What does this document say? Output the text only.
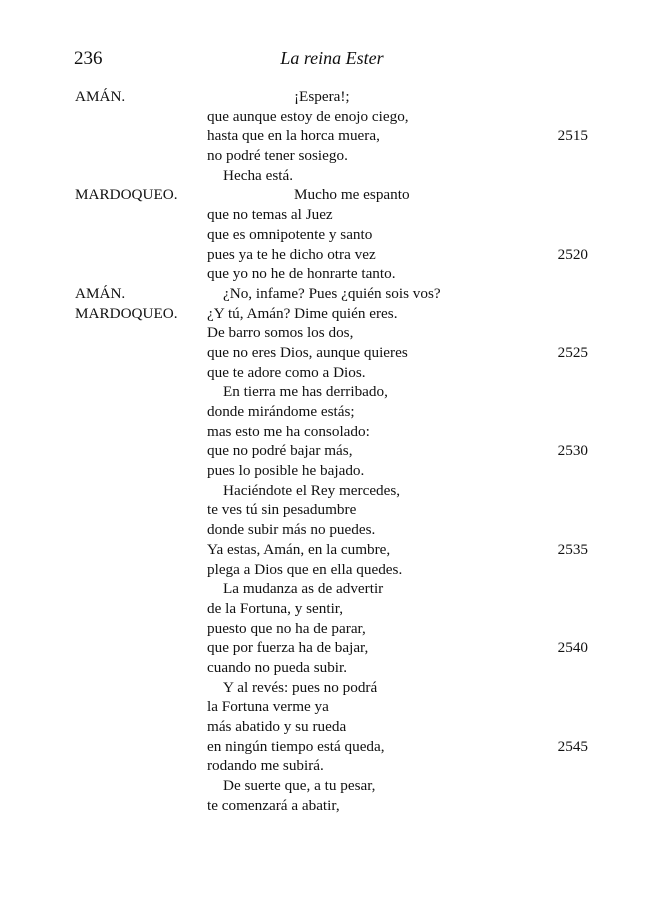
236	La reina Ester
AMÁN.	¡Espera!;
que aunque estoy de enojo ciego,
hasta que en la horca muera,	2515
no podré tener sosiego.
Hecha está.
MARDOQUEO.	Mucho me espanto
que no temas al Juez
que es omnipotente y santo
pues ya te he dicho otra vez	2520
que yo no he de honrarte tanto.
AMÁN.	¿No, infame? Pues ¿quién sois vos?
MARDOQUEO. ¿Y tú, Amán? Dime quién eres.
De barro somos los dos,
que no eres Dios, aunque quieres	2525
que te adore como a Dios.
En tierra me has derribado,
donde mirándome estás;
mas esto me ha consolado:
que no podré bajar más,	2530
pues lo posible he bajado.
Haciéndote el Rey mercedes,
te ves tú sin pesadumbre
donde subir más no puedes.
Ya estas, Amán, en la cumbre,	2535
plega a Dios que en ella quedes.
La mudanza as de advertir
de la Fortuna, y sentir,
puesto que no ha de parar,
que por fuerza ha de bajar,	2540
cuando no pueda subir.
Y al revés: pues no podrá
la Fortuna verme ya
más abatido y su rueda
en ningún tiempo está queda,	2545
rodando me subirá.
De suerte que, a tu pesar,
te comenzará a abatir,
